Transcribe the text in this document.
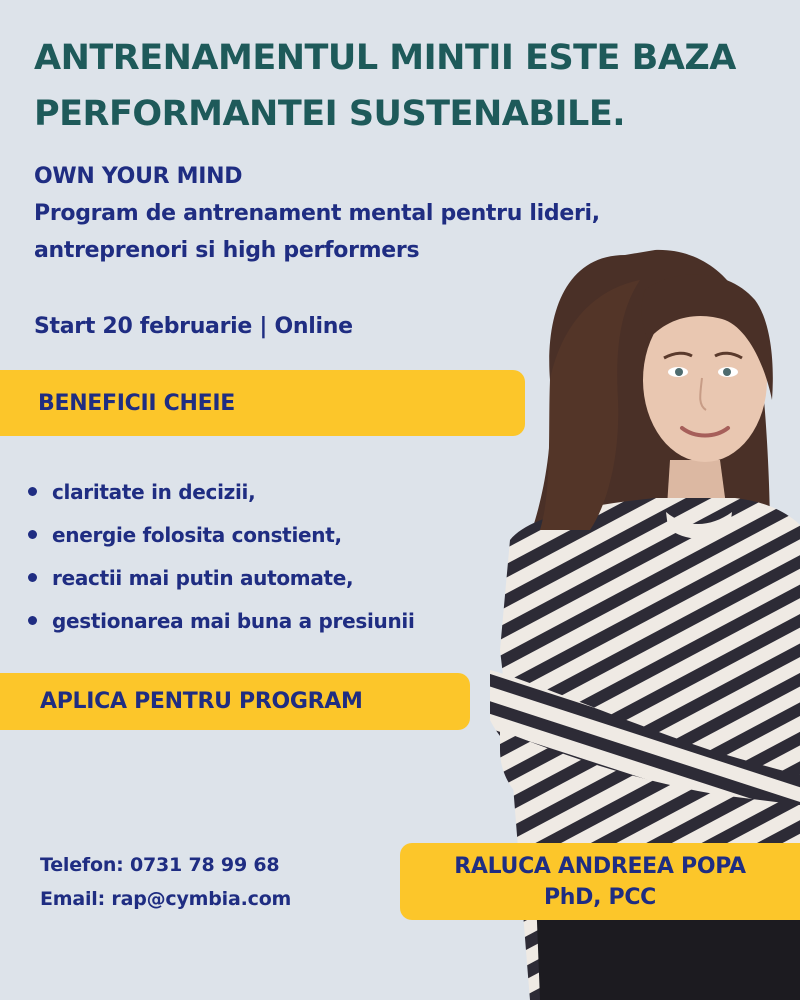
ANTRENAMENTUL MINTII ESTE BAZA
PERFORMANTEI SUSTENABILE.
OWN YOUR MIND
Program de antrenament mental pentru lideri,
antreprenori si high performers
Start 20 februarie | Online
BENEFICII CHEIE
claritate in decizii,
energie folosita constient,
reactii mai putin automate,
gestionarea mai buna a presiunii
APLICA PENTRU PROGRAM
Telefon: 0731 78 99 68
Email: rap@cymbia.com
RALUCA ANDREEA POPA
PhD, PCC
